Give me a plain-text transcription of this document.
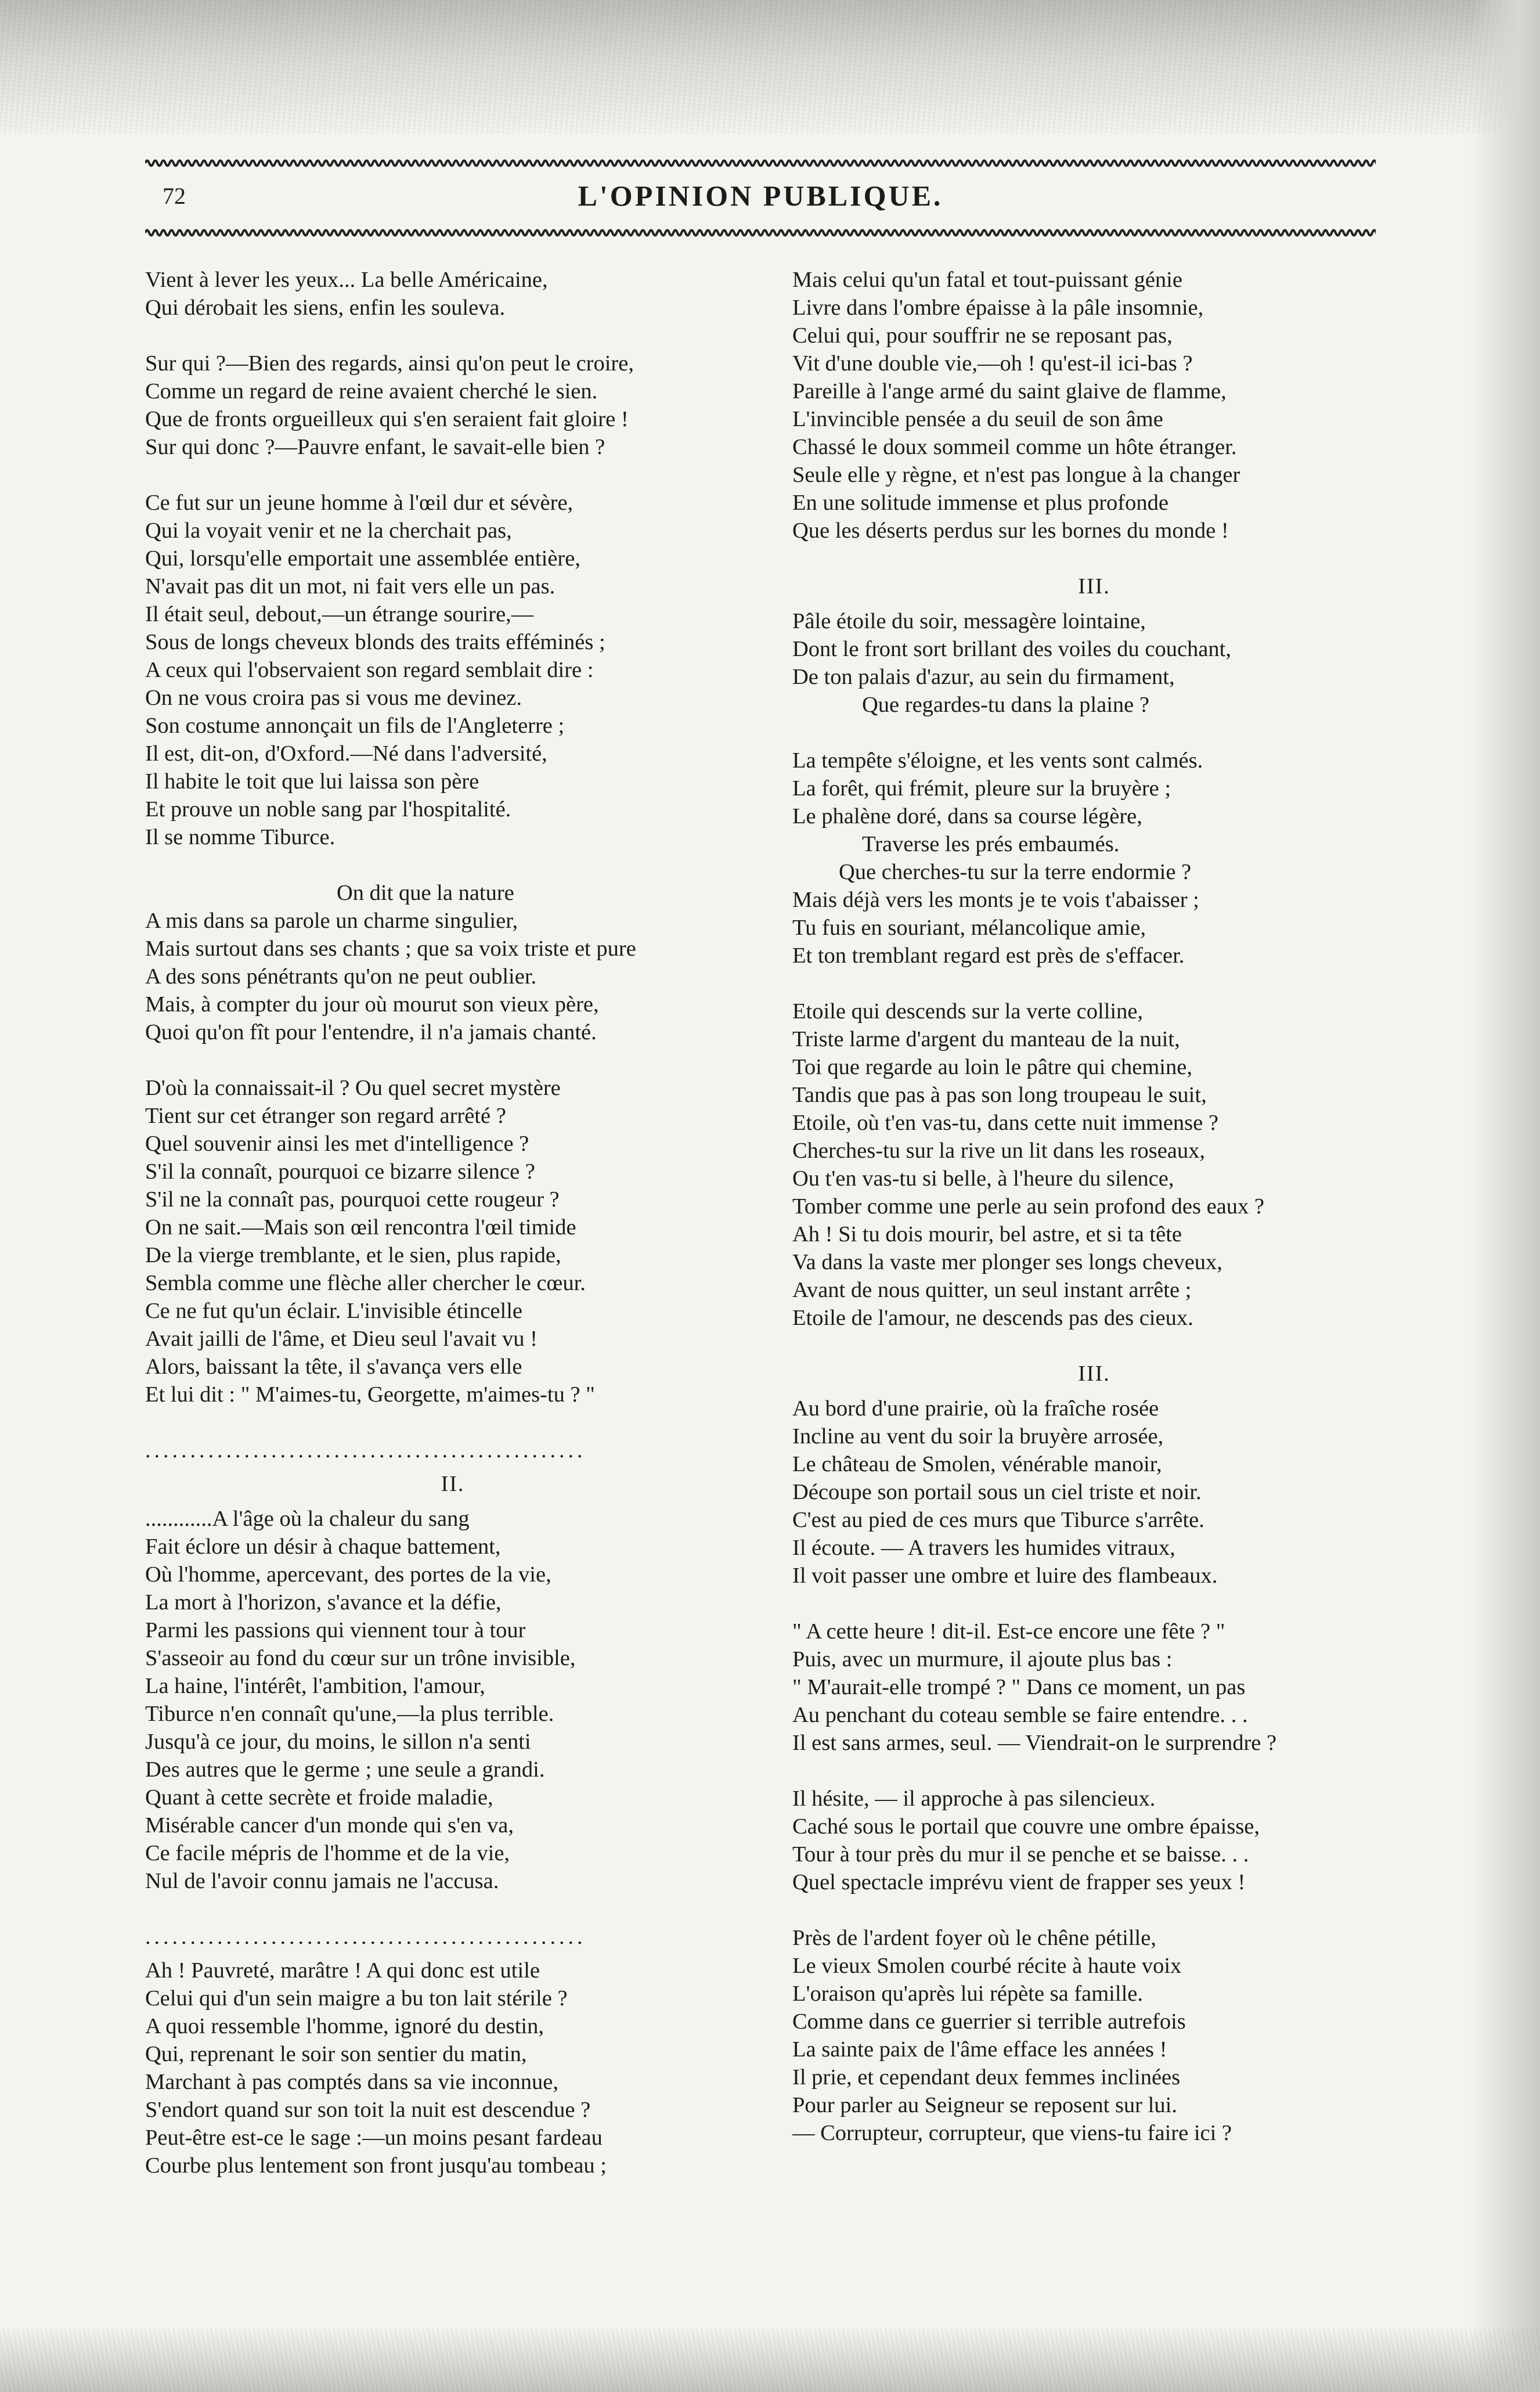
72	L'OPINION PUBLIQUE.
Vient à lever les yeux... La belle Américaine,
Qui dérobait les siens, enfin les souleva.
Sur qui ?—Bien des regards, ainsi qu'on peut le croire,
Comme un regard de reine avaient cherché le sien.
Que de fronts orgueilleux qui s'en seraient fait gloire !
Sur qui donc ?—Pauvre enfant, le savait-elle bien ?
Ce fut sur un jeune homme à l'œil dur et sévère,
Qui la voyait venir et ne la cherchait pas,
Qui, lorsqu'elle emportait une assemblée entière,
N'avait pas dit un mot, ni fait vers elle un pas.
Il était seul, debout,—un étrange sourire,—
Sous de longs cheveux blonds des traits efféminés ;
A ceux qui l'observaient son regard semblait dire :
On ne vous croira pas si vous me devinez.
Son costume annonçait un fils de l'Angleterre ;
Il est, dit-on, d'Oxford.—Né dans l'adversité,
Il habite le toit que lui laissa son père
Et prouve un noble sang par l'hospitalité.
Il se nomme Tiburce.
On dit que la nature
A mis dans sa parole un charme singulier,
Mais surtout dans ses chants ; que sa voix triste et pure
A des sons pénétrants qu'on ne peut oublier.
Mais, à compter du jour où mourut son vieux père,
Quoi qu'on fît pour l'entendre, il n'a jamais chanté.
D'où la connaissait-il ? Ou quel secret mystère
Tient sur cet étranger son regard arrêté ?
Quel souvenir ainsi les met d'intelligence ?
S'il la connaît, pourquoi ce bizarre silence ?
S'il ne la connaît pas, pourquoi cette rougeur ?
On ne sait.—Mais son œil rencontra l'œil timide
De la vierge tremblante, et le sien, plus rapide,
Sembla comme une flèche aller chercher le cœur.
Ce ne fut qu'un éclair. L'invisible étincelle
Avait jailli de l'âme, et Dieu seul l'avait vu !
Alors, baissant la tête, il s'avança vers elle
Et lui dit : " M'aimes-tu, Georgette, m'aimes-tu ? "
.................................................
II.
............A l'âge où la chaleur du sang
Fait éclore un désir à chaque battement,
Où l'homme, apercevant, des portes de la vie,
La mort à l'horizon, s'avance et la défie,
Parmi les passions qui viennent tour à tour
S'asseoir au fond du cœur sur un trône invisible,
La haine, l'intérêt, l'ambition, l'amour,
Tiburce n'en connaît qu'une,—la plus terrible.
Jusqu'à ce jour, du moins, le sillon n'a senti
Des autres que le germe ; une seule a grandi.
Quant à cette secrète et froide maladie,
Misérable cancer d'un monde qui s'en va,
Ce facile mépris de l'homme et de la vie,
Nul de l'avoir connu jamais ne l'accusa.
.................................................
Ah ! Pauvreté, marâtre ! A qui donc est utile
Celui qui d'un sein maigre a bu ton lait stérile ?
A quoi ressemble l'homme, ignoré du destin,
Qui, reprenant le soir son sentier du matin,
Marchant à pas comptés dans sa vie inconnue,
S'endort quand sur son toit la nuit est descendue ?
Peut-être est-ce le sage :—un moins pesant fardeau
Courbe plus lentement son front jusqu'au tombeau ;
Mais celui qu'un fatal et tout-puissant génie
Livre dans l'ombre épaisse à la pâle insomnie,
Celui qui, pour souffrir ne se reposant pas,
Vit d'une double vie,—oh ! qu'est-il ici-bas ?
Pareille à l'ange armé du saint glaive de flamme,
L'invincible pensée a du seuil de son âme
Chassé le doux sommeil comme un hôte étranger.
Seule elle y règne, et n'est pas longue à la changer
En une solitude immense et plus profonde
Que les déserts perdus sur les bornes du monde !
III.
Pâle étoile du soir, messagère lointaine,
Dont le front sort brillant des voiles du couchant,
De ton palais d'azur, au sein du firmament,
Que regardes-tu dans la plaine ?
La tempête s'éloigne, et les vents sont calmés.
La forêt, qui frémit, pleure sur la bruyère ;
Le phalène doré, dans sa course légère,
Traverse les prés embaumés.
Que cherches-tu sur la terre endormie ?
Mais déjà vers les monts je te vois t'abaisser ;
Tu fuis en souriant, mélancolique amie,
Et ton tremblant regard est près de s'effacer.
Etoile qui descends sur la verte colline,
Triste larme d'argent du manteau de la nuit,
Toi que regarde au loin le pâtre qui chemine,
Tandis que pas à pas son long troupeau le suit,
Etoile, où t'en vas-tu, dans cette nuit immense ?
Cherches-tu sur la rive un lit dans les roseaux,
Ou t'en vas-tu si belle, à l'heure du silence,
Tomber comme une perle au sein profond des eaux ?
Ah ! Si tu dois mourir, bel astre, et si ta tête
Va dans la vaste mer plonger ses longs cheveux,
Avant de nous quitter, un seul instant arrête ;
Etoile de l'amour, ne descends pas des cieux.
III.
Au bord d'une prairie, où la fraîche rosée
Incline au vent du soir la bruyère arrosée,
Le château de Smolen, vénérable manoir,
Découpe son portail sous un ciel triste et noir.
C'est au pied de ces murs que Tiburce s'arrête.
Il écoute. — A travers les humides vitraux,
Il voit passer une ombre et luire des flambeaux.
" A cette heure ! dit-il. Est-ce encore une fête ? "
Puis, avec un murmure, il ajoute plus bas :
" M'aurait-elle trompé ? " Dans ce moment, un pas
Au penchant du coteau semble se faire entendre. . .
Il est sans armes, seul. — Viendrait-on le surprendre ?
Il hésite, — il approche à pas silencieux.
Caché sous le portail que couvre une ombre épaisse,
Tour à tour près du mur il se penche et se baisse. . .
Quel spectacle imprévu vient de frapper ses yeux !
Près de l'ardent foyer où le chêne pétille,
Le vieux Smolen courbé récite à haute voix
L'oraison qu'après lui répète sa famille.
Comme dans ce guerrier si terrible autrefois
La sainte paix de l'âme efface les années !
Il prie, et cependant deux femmes inclinées
Pour parler au Seigneur se reposent sur lui.
— Corrupteur, corrupteur, que viens-tu faire ici ?
